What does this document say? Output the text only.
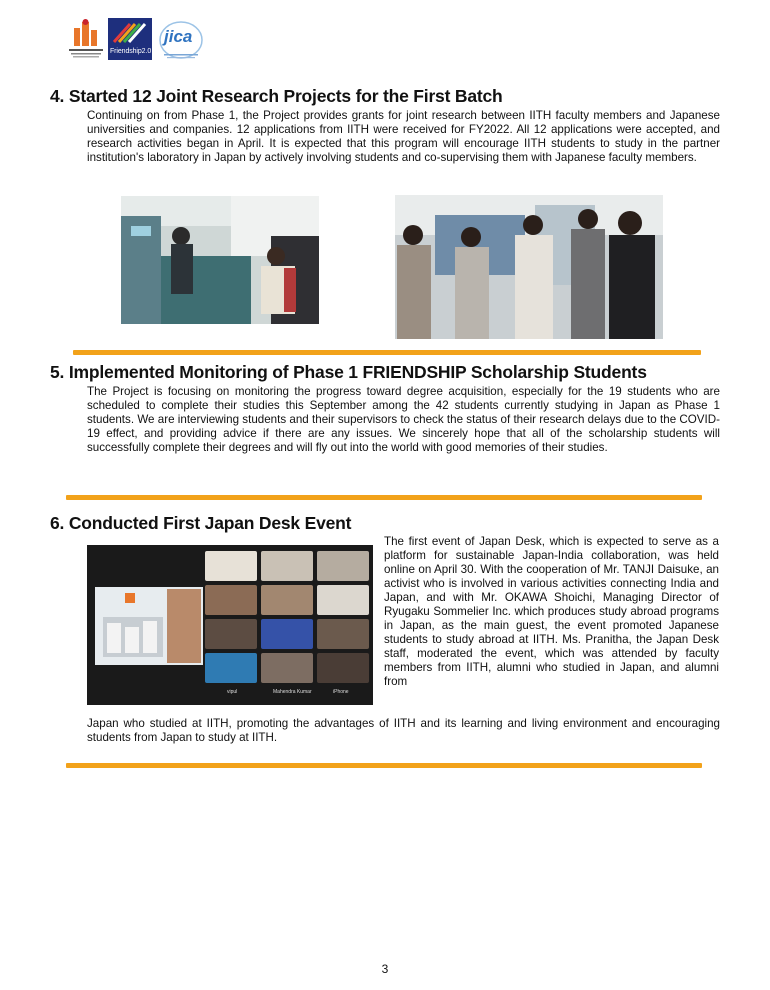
Friendship2.0
jica
4. Started 12 Joint Research Projects for the First Batch

Continuing on from Phase 1, the Project provides grants for joint research between IITH faculty members and Japanese universities and companies. 12 applications from IITH were received for FY2022. All 12 applications were accepted, and research activities began in April. It is expected that this program will encourage IITH students to study in the partner institution's laboratory in Japan by actively involving students and co-supervising them with Japanese faculty members.

5. Implemented Monitoring of Phase 1 FRIENDSHIP Scholarship Students

The Project is focusing on monitoring the progress toward degree acquisition, especially for the 19 students who are scheduled to complete their studies this September among the 42 students currently studying in Japan as Phase 1 students. We are interviewing students and their supervisors to check the status of their research delays due to the COVID-19 effect, and providing advice if there are any issues. We sincerely hope that all of the scholarship students will successfully complete their degrees and will fly out into the world with good memories of their studies.

6. Conducted First Japan Desk Event
vipul	Mahendra Kumar	iPhone

The first event of Japan Desk, which is expected to serve as a platform for sustainable Japan-India collaboration, was held online on April 30. With the cooperation of Mr. TANJI Daisuke, an activist who is involved in various activities connecting India and Japan, and with Mr. OKAWA Shoichi, Managing Director of Ryugaku Sommelier Inc. which produces study abroad programs in Japan, as the main guest, the event promoted Japanese students to study abroad at IITH. Ms. Pranitha, the Japan Desk staff, moderated the event, which was attended by faculty members from IITH, alumni who studied in Japan, and alumni from

Japan who studied at IITH, promoting the advantages of IITH and its learning and living environment and encouraging students from Japan to study at IITH.

3
